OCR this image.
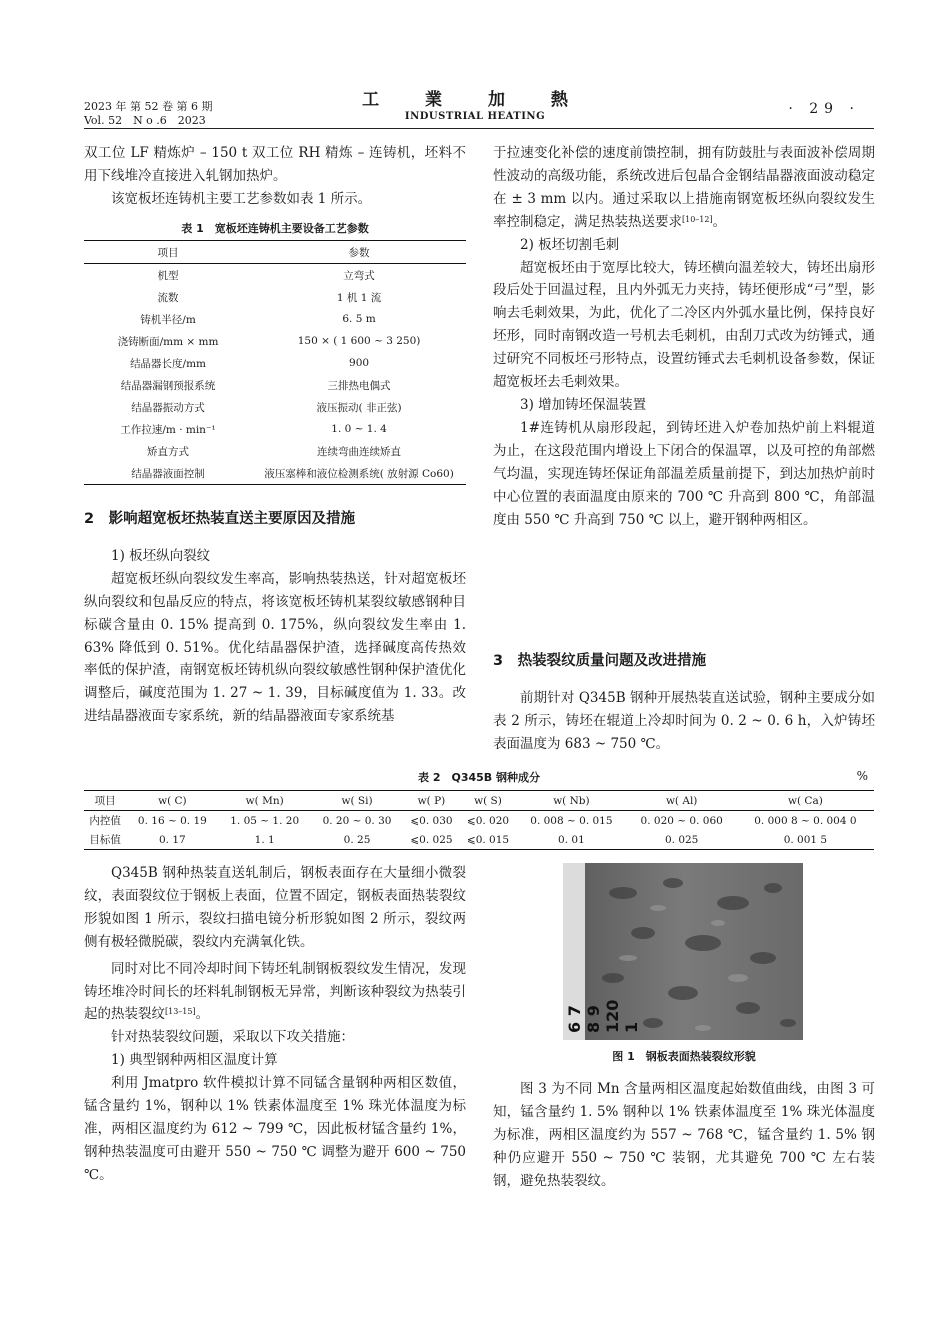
2023 年 第 52 卷 第 6 期
Vol. 52　N o .6　2023
工 業 加 熱
INDUSTRIAL HEATING	· 29 ·

双工位 LF 精炼炉 – 150 t 双工位 RH 精炼 – 连铸机，坯料不用下线堆冷直接进入轧钢加热炉。

该宽板坯连铸机主要工艺参数如表 1 所示。

表 1　宽板坯连铸机主要设备工艺参数
项目	参数
机型	立弯式
流数	1 机 1 流
铸机半径/m	6. 5 m
浇铸断面/mm × mm	150 × ( 1 600 ~ 3 250)
结晶器长度/mm	900
结晶器漏钢预报系统	三排热电偶式
结晶器振动方式	液压振动( 非正弦)
工作拉速/m · min⁻¹	1. 0 ~ 1. 4
矫直方式	连续弯曲连续矫直
结晶器液面控制	液压塞棒和液位检测系统( 放射源 Co60)

2　影响超宽板坯热装直送主要原因及措施

1) 板坯纵向裂纹

超宽板坯纵向裂纹发生率高，影响热装热送，针对超宽板坯纵向裂纹和包晶反应的特点，将该宽板坯铸机某裂纹敏感钢种目标碳含量由 0. 15% 提高到 0. 175%，纵向裂纹发生率由 1. 63% 降低到 0. 51%。优化结晶器保护渣，选择碱度高传热效率低的保护渣，南钢宽板坯铸机纵向裂纹敏感性钢种保护渣优化调整后，碱度范围为 1. 27 ~ 1. 39，目标碱度值为 1. 33。改进结晶器液面专家系统，新的结晶器液面专家系统基

于拉速变化补偿的速度前馈控制，拥有防鼓肚与表面波补偿周期性波动的高级功能，系统改进后包晶合金钢结晶器液面波动稳定在 ± 3 mm 以内。通过采取以上措施南钢宽板坯纵向裂纹发生率控制稳定，满足热装热送要求[10–12]。

2) 板坯切割毛刺

超宽板坯由于宽厚比较大，铸坯横向温差较大，铸坯出扇形段后处于回温过程，且内外弧无力夹持，铸坯便形成“弓”型，影响去毛刺效果，为此，优化了二冷区内外弧水量比例，保持良好坯形，同时南钢改造一号机去毛刺机，由刮刀式改为纺锤式，通过研究不同板坯弓形特点，设置纺锤式去毛刺机设备参数，保证超宽板坯去毛刺效果。

3) 增加铸坯保温装置

1#连铸机从扇形段起，到铸坯进入炉卷加热炉前上料辊道为止，在这段范围内增设上下闭合的保温罩，以及可控的角部燃气均温，实现连铸坯保证角部温差质量前提下，到达加热炉前时中心位置的表面温度由原来的 700 ℃ 升高到 800 ℃，角部温度由 550 ℃ 升高到 750 ℃ 以上，避开钢种两相区。

3　热装裂纹质量问题及改进措施

前期针对 Q345B 钢种开展热装直送试验，钢种主要成分如表 2 所示，铸坯在辊道上冷却时间为 0. 2 ~ 0. 6 h，入炉铸坯表面温度为 683 ~ 750 ℃。

表 2　Q345B 钢种成分	%
项目	w( C)	w( Mn)	w( Si)	w( P)	w( S)	w( Nb)	w( Al)	w( Ca)
内控值	0. 16 ~ 0. 19	1. 05 ~ 1. 20	0. 20 ~ 0. 30	⩽0. 030	⩽0. 020	0. 008 ~ 0. 015	0. 020 ~ 0. 060	0. 000 8 ~ 0. 004 0
目标值	0. 17	1. 1	0. 25	⩽0. 025	⩽0. 015	0. 01	0. 025	0. 001 5

Q345B 钢种热装直送轧制后，钢板表面存在大量细小微裂纹，表面裂纹位于钢板上表面，位置不固定，钢板表面热装裂纹形貌如图 1 所示，裂纹扫描电镜分析形貌如图 2 所示，裂纹两侧有极轻微脱碳，裂纹内充满氧化铁。

同时对比不同冷却时间下铸坯轧制钢板裂纹发生情况，发现铸坯堆冷时间长的坯料轧制钢板无异常，判断该种裂纹为热装引起的热装裂纹[13–15]。

针对热装裂纹问题，采取以下攻关措施：

1) 典型钢种两相区温度计算

利用 Jmatpro 软件模拟计算不同锰含量钢种两相区数值，锰含量约 1%，钢种以 1% 铁素体温度至 1% 珠光体温度为标准，两相区温度约为 612 ~ 799 ℃，因此板材锰含量约 1%，钢种热装温度可由避开 550 ~ 750 ℃ 调整为避开 600 ~ 750 ℃。

6 7 8 9 120 1
图 1　钢板表面热装裂纹形貌

图 3 为不同 Mn 含量两相区温度起始数值曲线，由图 3 可知，锰含量约 1. 5% 钢种以 1% 铁素体温度至 1% 珠光体温度为标准，两相区温度约为 557 ~ 768 ℃，锰含量约 1. 5% 钢种仍应避开 550 ~ 750 ℃ 装钢，尤其避免 700 ℃ 左右装钢，避免热装裂纹。
